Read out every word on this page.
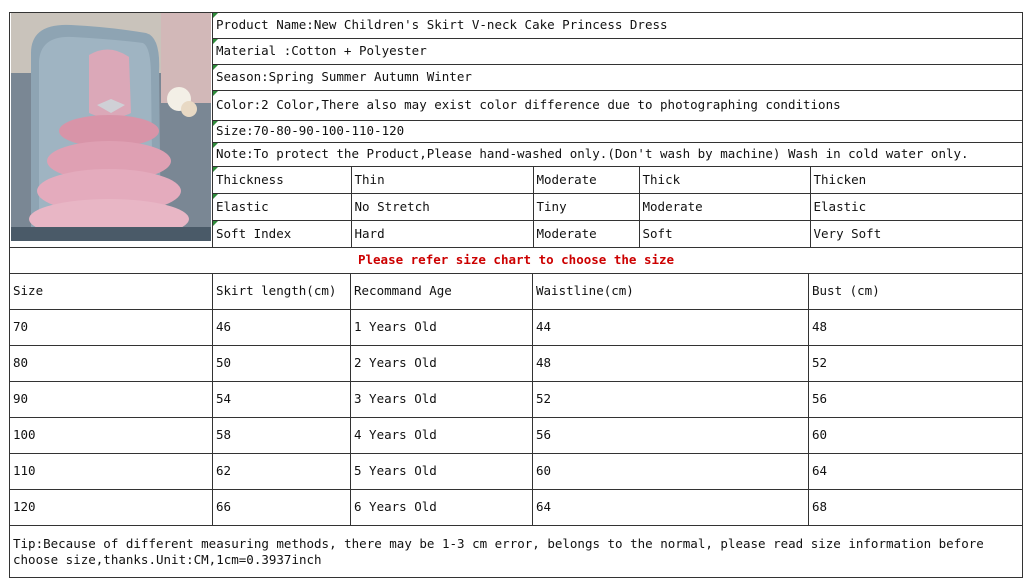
	Product Name:New Children's Skirt V-neck Cake Princess Dress
Material :Cotton + Polyester
Season:Spring Summer Autumn Winter
Color:2 Color,There also may exist color difference due to photographing conditions
Size:70-80-90-100-110-120
Note:To protect the Product,Please hand-washed only.(Don't wash by machine) Wash in cold water only.

Thickness	Thin	Moderate	Thick	Thicken

Elastic	No Stretch	Tiny	Moderate	Elastic

Soft Index	Hard	Moderate	Soft	Very Soft
Please refer size chart to choose the size				
Size	Skirt length(cm)	Recommand Age	Waistline(cm)	Bust (cm)
70	46	1 Years Old	44	48
80	50	2 Years Old	48	52
90	54	3 Years Old	52	56
100	58	4 Years Old	56	60
110	62	5 Years Old	60	64
120	66	6 Years Old	64	68
Tip:Because of different measuring methods, there may be 1-3 cm error, belongs to the normal, please read size information before choose size,thanks.Unit:CM,1cm=0.3937inch				
